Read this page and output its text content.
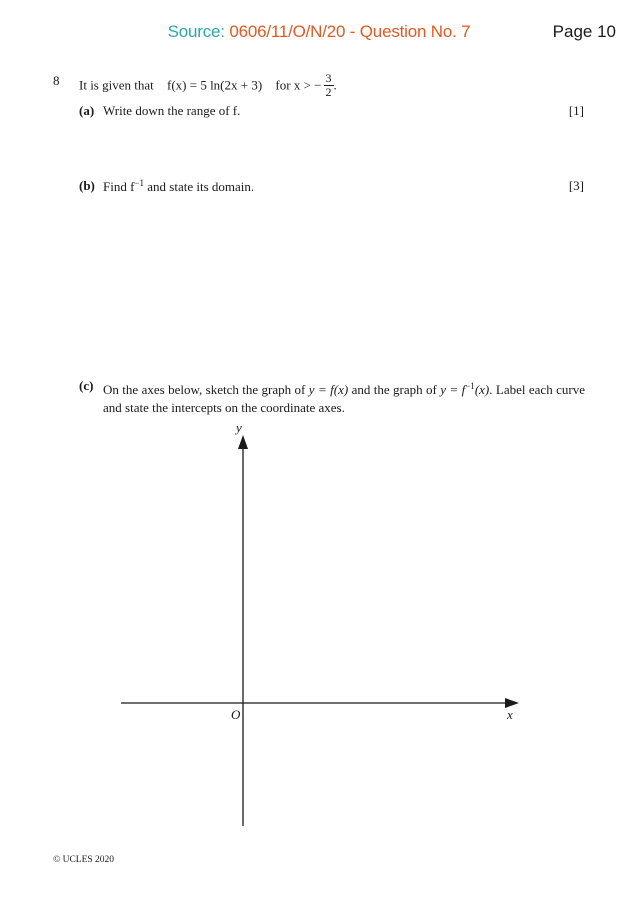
Source: 0606/11/O/N/20 - Question No. 7	Page 10
8 It is given that f(x) = 5 ln(2x + 3) for x > − $\frac{3}{2}$ .
(a) Write down the range of f.	[1]
(b) Find $f^{-1}$ and state its domain.	[3]
(c) On the axes below, sketch the graph of y = f(x) and the graph of $y = f^{-1}(x)$. Label each curve and state the intercepts on the coordinate axes.
y
x
O
© UCLES 2020
